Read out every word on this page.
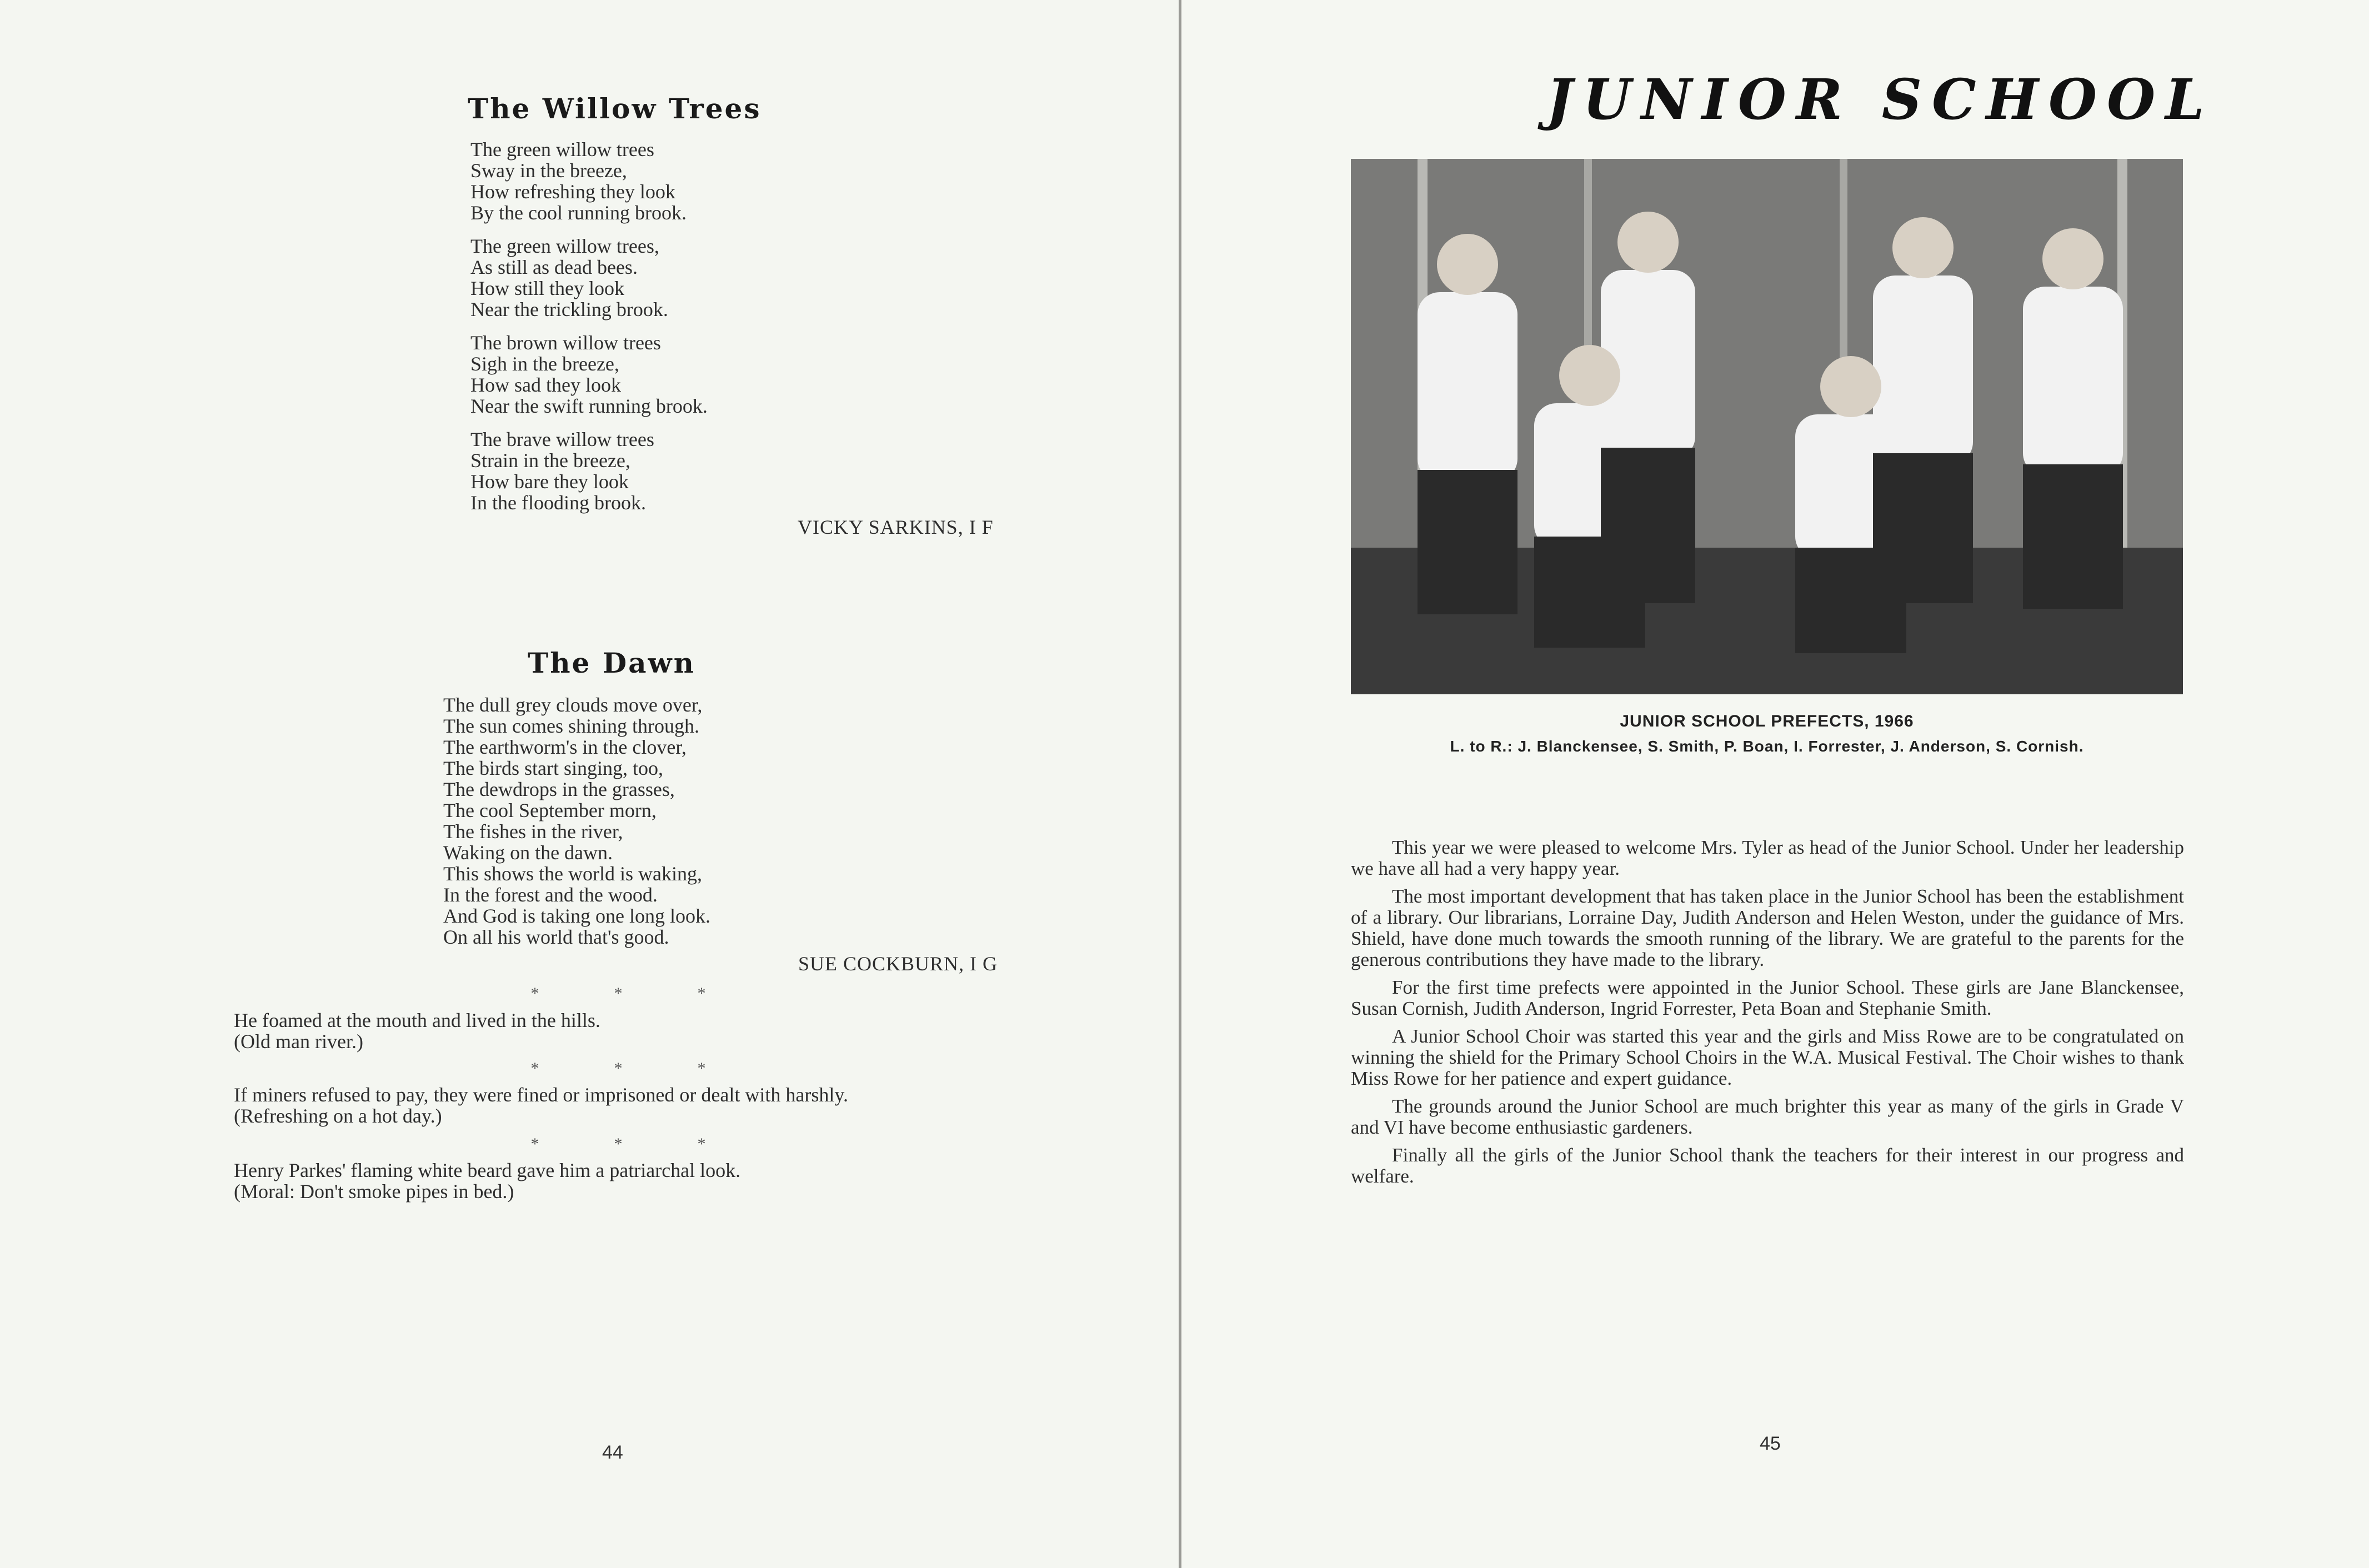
The Willow Trees
The green willow trees
Sway in the breeze,
How refreshing they look
By the cool running brook.
The green willow trees,
As still as dead bees.
How still they look
Near the trickling brook.
The brown willow trees
Sigh in the breeze,
How sad they look
Near the swift running brook.
The brave willow trees
Strain in the breeze,
How bare they look
In the flooding brook.
VICKY SARKINS, I F
The Dawn
The dull grey clouds move over,
The sun comes shining through.
The earthworm's in the clover,
The birds start singing, too,
The dewdrops in the grasses,
The cool September morn,
The fishes in the river,
Waking on the dawn.
This shows the world is waking,
In the forest and the wood.
And God is taking one long look.
On all his world that's good.
SUE COCKBURN, I G
*	*	*
He foamed at the mouth and lived in the hills.
(Old man river.)
*	*	*
If miners refused to pay, they were fined or imprisoned or dealt with harshly.
(Refreshing on a hot day.)
*	*	*
Henry Parkes' flaming white beard gave him a patriarchal look.
(Moral: Don't smoke pipes in bed.)
44
JUNIOR SCHOOL
JUNIOR SCHOOL PREFECTS, 1966
L. to R.: J. Blanckensee, S. Smith, P. Boan, I. Forrester, J. Anderson, S. Cornish.

This year we were pleased to welcome Mrs. Tyler as head of the Junior School. Under her leadership we have all had a very happy year.

The most important development that has taken place in the Junior School has been the establishment of a library. Our librarians, Lorraine Day, Judith Anderson and Helen Weston, under the guidance of Mrs. Shield, have done much towards the smooth running of the library. We are grateful to the parents for the generous contributions they have made to the library.

For the first time prefects were appointed in the Junior School. These girls are Jane Blanckensee, Susan Cornish, Judith Anderson, Ingrid Forrester, Peta Boan and Stephanie Smith.

A Junior School Choir was started this year and the girls and Miss Rowe are to be congratulated on winning the shield for the Primary School Choirs in the W.A. Musical Festival. The Choir wishes to thank Miss Rowe for her patience and expert guidance.

The grounds around the Junior School are much brighter this year as many of the girls in Grade V and VI have become enthusiastic gardeners.

Finally all the girls of the Junior School thank the teachers for their interest in our progress and welfare.

45
